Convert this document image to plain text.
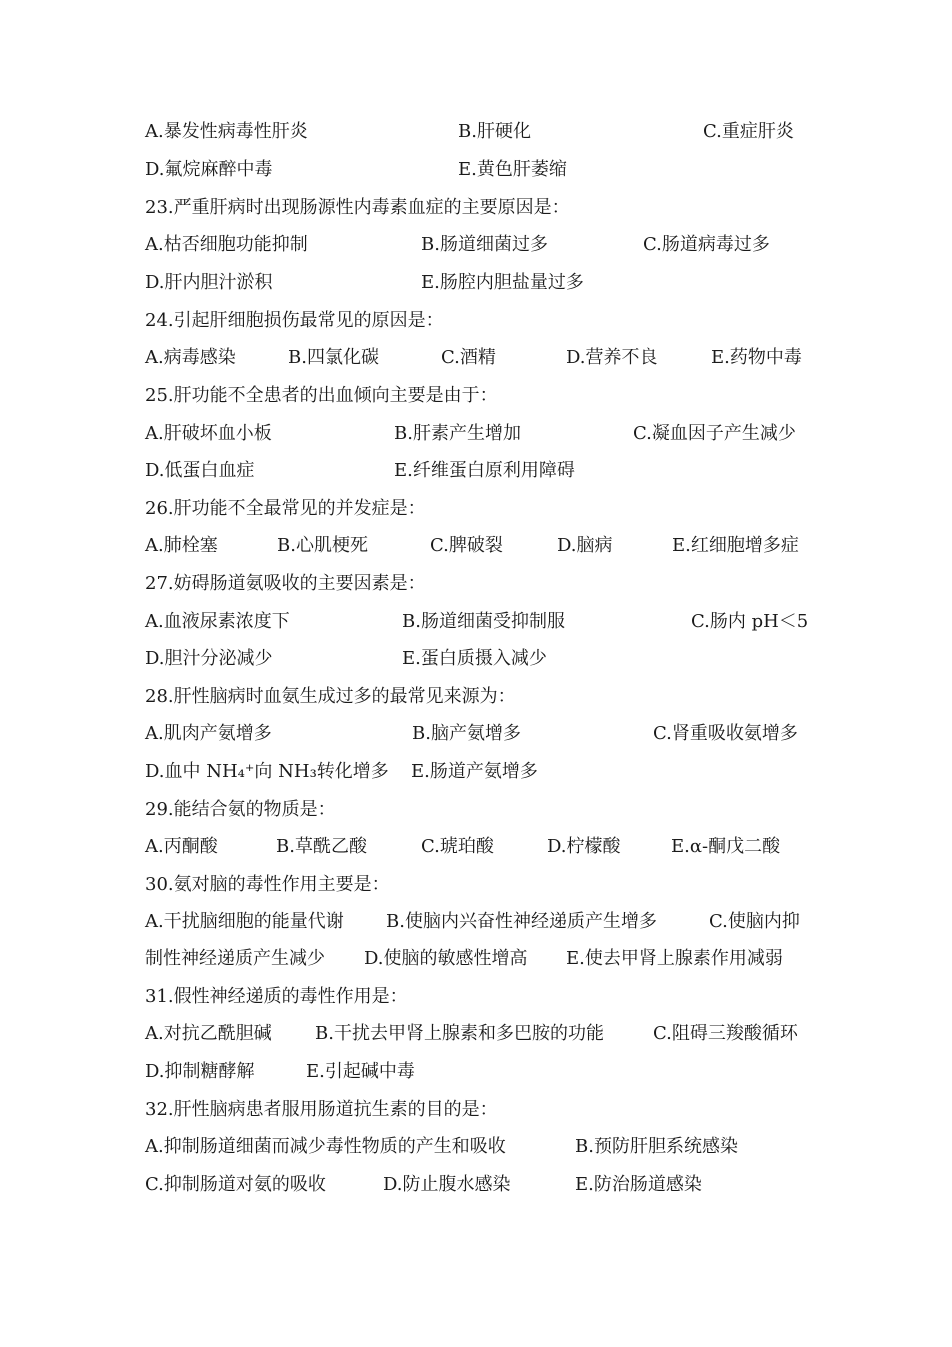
A.暴发性病毒性肝炎	B.肝硬化	C.重症肝炎
D.氟烷麻醉中毒	E.黄色肝萎缩
23.严重肝病时出现肠源性内毒素血症的主要原因是：
A.枯否细胞功能抑制	B.肠道细菌过多	C.肠道病毒过多
D.肝内胆汁淤积	E.肠腔内胆盐量过多
24.引起肝细胞损伤最常见的原因是：
A.病毒感染	B.四氯化碳	C.酒精	D.营养不良	E.药物中毒
25.肝功能不全患者的出血倾向主要是由于：
A.肝破坏血小板	B.肝素产生增加	C.凝血因子产生减少
D.低蛋白血症	E.纤维蛋白原利用障碍
26.肝功能不全最常见的并发症是：
A.肺栓塞	B.心肌梗死	C.脾破裂	D.脑病	E.红细胞增多症
27.妨碍肠道氨吸收的主要因素是：
A.血液尿素浓度下	B.肠道细菌受抑制服	C.肠内 pH＜5
D.胆汁分泌减少	E.蛋白质摄入减少
28.肝性脑病时血氨生成过多的最常见来源为：
A.肌肉产氨增多	B.脑产氨增多	C.肾重吸收氨增多
D.血中 NH₄⁺向 NH₃转化增多 E.肠道产氨增多
29.能结合氨的物质是：
A.丙酮酸	B.草酰乙酸	C.琥珀酸	D.柠檬酸	E.α-酮戊二酸
30.氨对脑的毒性作用主要是：
A.干扰脑细胞的能量代谢 B.使脑内兴奋性神经递质产生增多	C.使脑内抑
制性神经递质产生减少 D.使脑的敏感性增高 E.使去甲肾上腺素作用减弱
31.假性神经递质的毒性作用是：
A.对抗乙酰胆碱 B.干扰去甲肾上腺素和多巴胺的功能	C.阻碍三羧酸循环
D.抑制糖酵解	E.引起碱中毒
32.肝性脑病患者服用肠道抗生素的目的是：
A.抑制肠道细菌而减少毒性物质的产生和吸收	B.预防肝胆系统感染
C.抑制肠道对氨的吸收	D.防止腹水感染	E.防治肠道感染
